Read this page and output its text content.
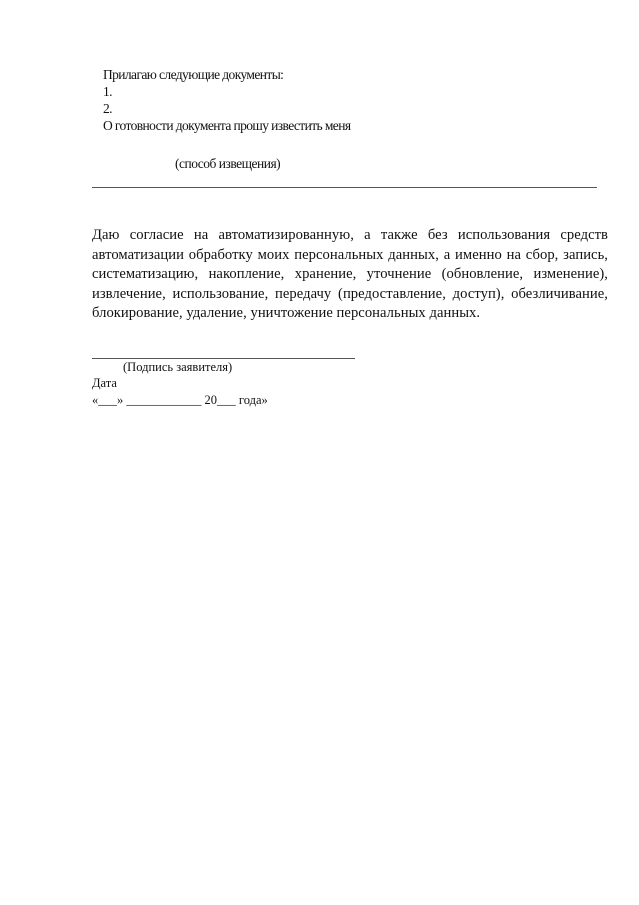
Прилагаю следующие документы:
1.
2.
О готовности документа прошу известить меня
(способ извещения)
Даю согласие на автоматизированную, а также без использования средств автоматизации обработку моих персональных данных, а именно на сбор, запись, систематизацию, накопление, хранение, уточнение (обновление, изменение), извлечение, использование, передачу (предоставление, доступ), обезличивание, блокирование, удаление, уничтожение персональных данных.
(Подпись заявителя)
Дата
«___» ____________ 20___ года»
